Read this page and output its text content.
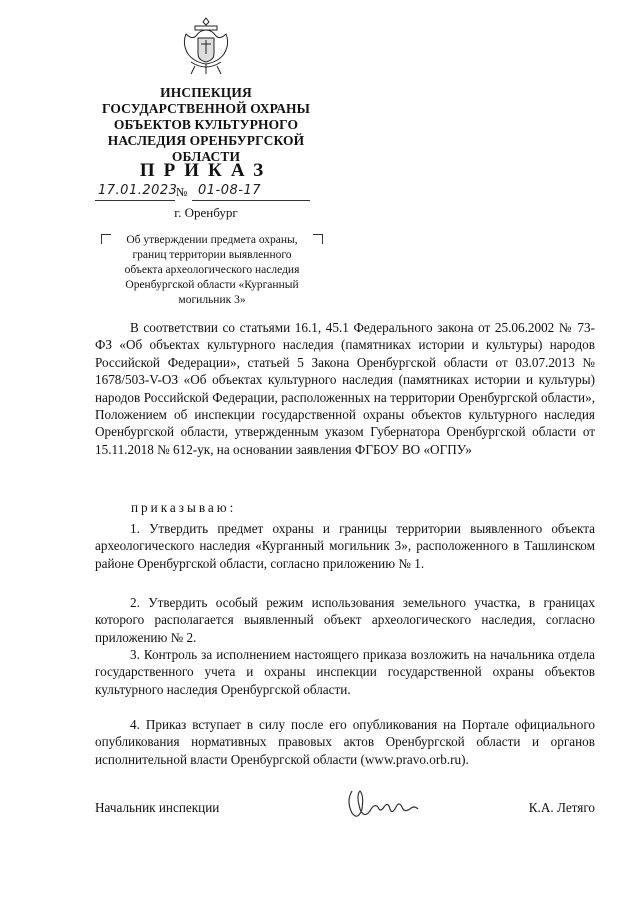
ИНСПЕКЦИЯ
ГОСУДАРСТВЕННОЙ ОХРАНЫ
ОБЪЕКТОВ КУЛЬТУРНОГО
НАСЛЕДИЯ ОРЕНБУРГСКОЙ
ОБЛАСТИ
ПРИКАЗ
17.01.2023
№ 01-08-17
г. Оренбург
Об утверждении предмета охраны,
границ территории выявленного
объекта археологического наследия
Оренбургской области «Курганный
могильник 3»
В соответствии со статьями 16.1, 45.1 Федерального закона от 25.06.2002 № 73-ФЗ «Об объектах культурного наследия (памятниках истории и культуры) народов Российской Федерации», статьей 5 Закона Оренбургской области от 03.07.2013 № 1678/503-V-ОЗ «Об объектах культурного наследия (памятниках истории и культуры) народов Российской Федерации, расположенных на территории Оренбургской области», Положением об инспекции государственной охраны объектов культурного наследия Оренбургской области, утвержденным указом Губернатора Оренбургской области от 15.11.2018 № 612-ук, на основании заявления ФГБОУ ВО «ОГПУ»
приказываю:
1. Утвердить предмет охраны и границы территории выявленного объекта археологического наследия «Курганный могильник 3», расположенного в Ташлинском районе Оренбургской области, согласно приложению № 1.
2. Утвердить особый режим использования земельного участка, в границах которого располагается выявленный объект археологического наследия, согласно приложению № 2.
3. Контроль за исполнением настоящего приказа возложить на начальника отдела государственного учета и охраны инспекции государственной охраны объектов культурного наследия Оренбургской области.
4. Приказ вступает в силу после его опубликования на Портале официального опубликования нормативных правовых актов Оренбургской области и органов исполнительной власти Оренбургской области (www.pravo.orb.ru).
Начальник инспекции	К.А. Летяго
